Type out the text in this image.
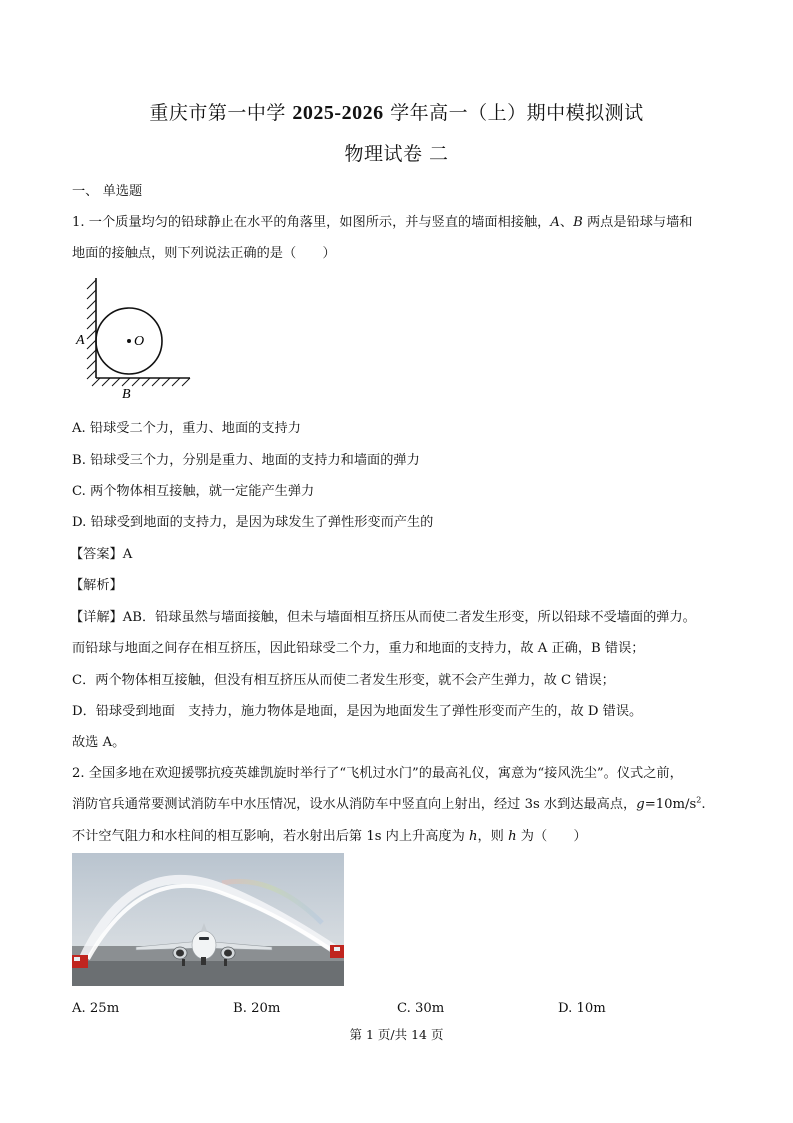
重庆市第一中学 2025-2026 学年高一（上）期中模拟测试
物理试卷 二
一、 单选题
1. 一个质量均匀的铅球静止在水平的角落里，如图所示，并与竖直的墙面相接触，A、B 两点是铅球与墙和
地面的接触点，则下列说法正确的是（　　）
O
A
B
A. 铅球受二个力，重力、地面的支持力
B. 铅球受三个力，分别是重力、地面的支持力和墙面的弹力
C. 两个物体相互接触，就一定能产生弹力
D. 铅球受到地面的支持力，是因为球发生了弹性形变而产生的
【答案】A
【解析】
【详解】AB．铅球虽然与墙面接触，但未与墙面相互挤压从而使二者发生形变，所以铅球不受墙面的弹力。
而铅球与地面之间存在相互挤压，因此铅球受二个力，重力和地面的支持力，故 A 正确，B 错误；
C．两个物体相互接触，但没有相互挤压从而使二者发生形变，就不会产生弹力，故 C 错误；
D．铅球受到地面　支持力，施力物体是地面，是因为地面发生了弹性形变而产生的，故 D 错误。
故选 A。
2. 全国多地在欢迎援鄂抗疫英雄凯旋时举行了“飞机过水门”的最高礼仪，寓意为“接风洗尘”。仪式之前，
消防官兵通常要测试消防车中水压情况，设水从消防车中竖直向上射出，经过 3s 水到达最高点，$g=10m/s^2$.
不计空气阻力和水柱间的相互影响，若水射出后第 1s 内上升高度为 h，则 h 为（　　）
A. 25m	B. 20m	C. 30m	D. 10m
第 1 页/共 14 页
